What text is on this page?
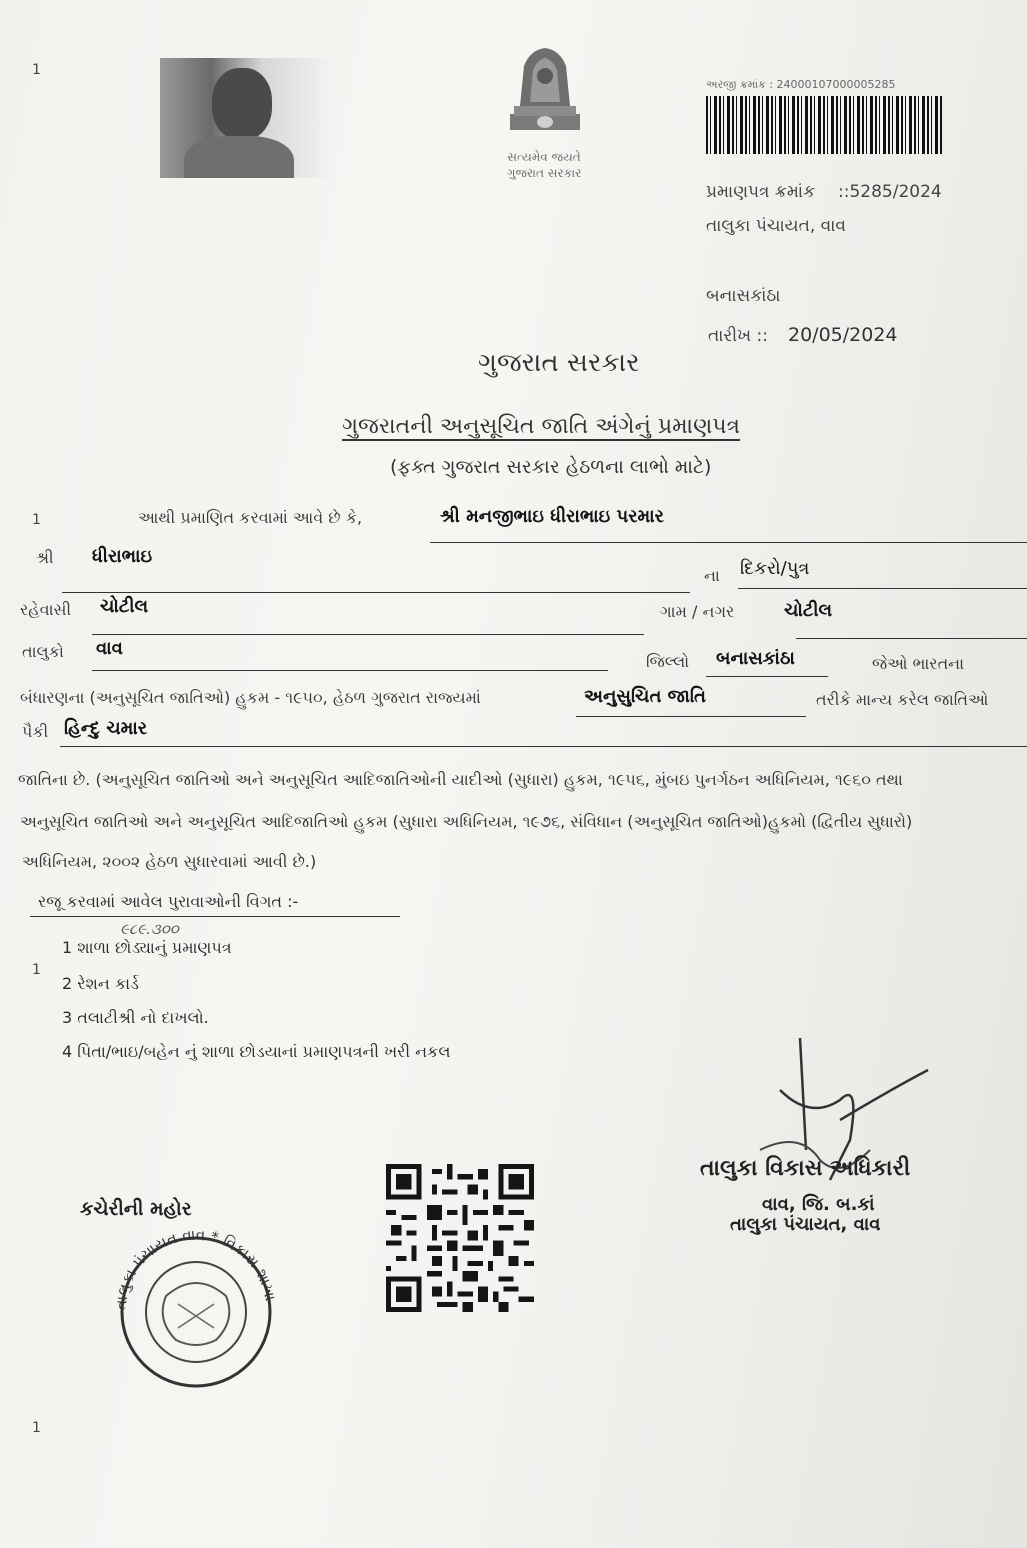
1
1
1
1
સત્યમેવ જયતે
ગુજરાત સરકાર
અરજી ક્રમાંક : 24000107000005285
પ્રમાણપત્ર ક્રમાંક ::5285/2024
તાલુકા પંચાયત, વાવ
બનાસકાંઠા
તારીખ :: 20/05/2024
ગુજરાત સરકાર
ગુજરાતની અનુસૂચિત જાતિ અંગેનું પ્રમાણપત્ર
(ફક્ત ગુજરાત સરકાર હેઠળના લાભો માટે)
આથી પ્રમાણિત કરવામાં આવે છે કે,	શ્રી મનજીભાઇ ધીરાભાઇ પરમાર
શ્રી ધીરાભાઇ
ના દિકરો/પુત્ર
રહેવાસી ચોટીલ	ગામ / નગર	ચોટીલ
તાલુકો વાવ
જિલ્લો બનાસકાંઠા	જેઓ ભારતના
બંધારણના (અનુસૂચિત જાતિઓ) હુકમ - ૧૯૫૦, હેઠળ ગુજરાત રાજ્યમાં	અનુસુચિત જાતિ	તરીકે માન્ય કરેલ જાતિઓ
પૈકી હિન્દુ ચમાર
જાતિના છે. (અનુસૂચિત જાતિઓ અને અનુસૂચિત આદિજાતિઓની યાદીઓ (સુધારા) હુકમ, ૧૯૫૬, મુંબઇ પુનર્ગઠન અધિનિયમ, ૧૯૬૦ તથા
અનુસૂચિત જાતિઓ અને અનુસૂચિત આદિજાતિઓ હુકમ (સુધારા અધિનિયમ, ૧૯૭૬, સંવિધાન (અનુસૂચિત જાતિઓ)હુકમો (દ્વિતીય સુધારો)
અધિનિયમ, ૨૦૦૨ હેઠળ સુધારવામાં આવી છે.)
રજૂ કરવામાં આવેલ પુરાવાઓની વિગત :-
1 શાળા છોડ્યાનું પ્રમાણપત્ર
૯૮૯.૩૦૦
2 રેશન કાર્ડ
3 તલાટીશ્રી નો દાખલો.
4 પિતા/ભાઇ/બહેન નું શાળા છોડયાનાં પ્રમાણપત્રની ખરી નકલ
તાલુકા વિકાસ અધિકારી
વાવ, જિ. બ.કાં
તાલુકા પંચાયત, વાવ
તાલુકા પંચાયત વાવ * વિકાસ શાખા
કચેરીની મહોર
